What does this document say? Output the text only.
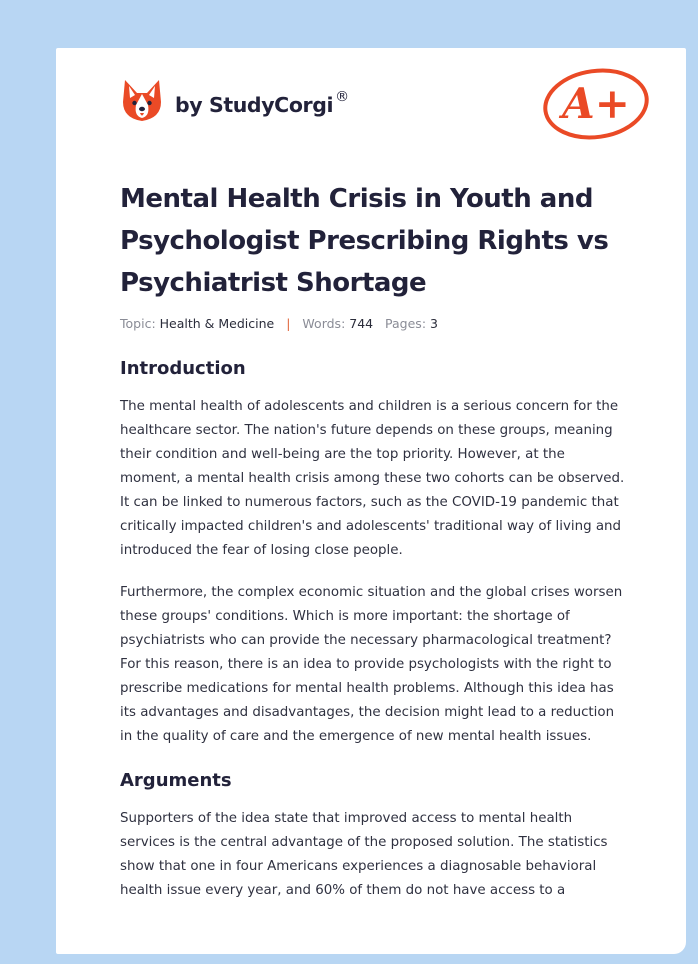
by StudyCorgi ®	A+
Mental Health Crisis in Youth and Psychologist Prescribing Rights vs Psychiatrist Shortage
Topic: Health & Medicine | Words: 744 Pages: 3
Introduction

The mental health of adolescents and children is a serious concern for the healthcare sector. The nation's future depends on these groups, meaning their condition and well-being are the top priority. However, at the moment, a mental health crisis among these two cohorts can be observed. It can be linked to numerous factors, such as the COVID-19 pandemic that critically impacted children's and adolescents' traditional way of living and introduced the fear of losing close people.

Furthermore, the complex economic situation and the global crises worsen these groups' conditions. Which is more important: the shortage of psychiatrists who can provide the necessary pharmacological treatment? For this reason, there is an idea to provide psychologists with the right to prescribe medications for mental health problems. Although this idea has its advantages and disadvantages, the decision might lead to a reduction in the quality of care and the emergence of new mental health issues.

Arguments

Supporters of the idea state that improved access to mental health services is the central advantage of the proposed solution. The statistics show that one in four Americans experiences a diagnosable behavioral health issue every year, and 60% of them do not have access to a
